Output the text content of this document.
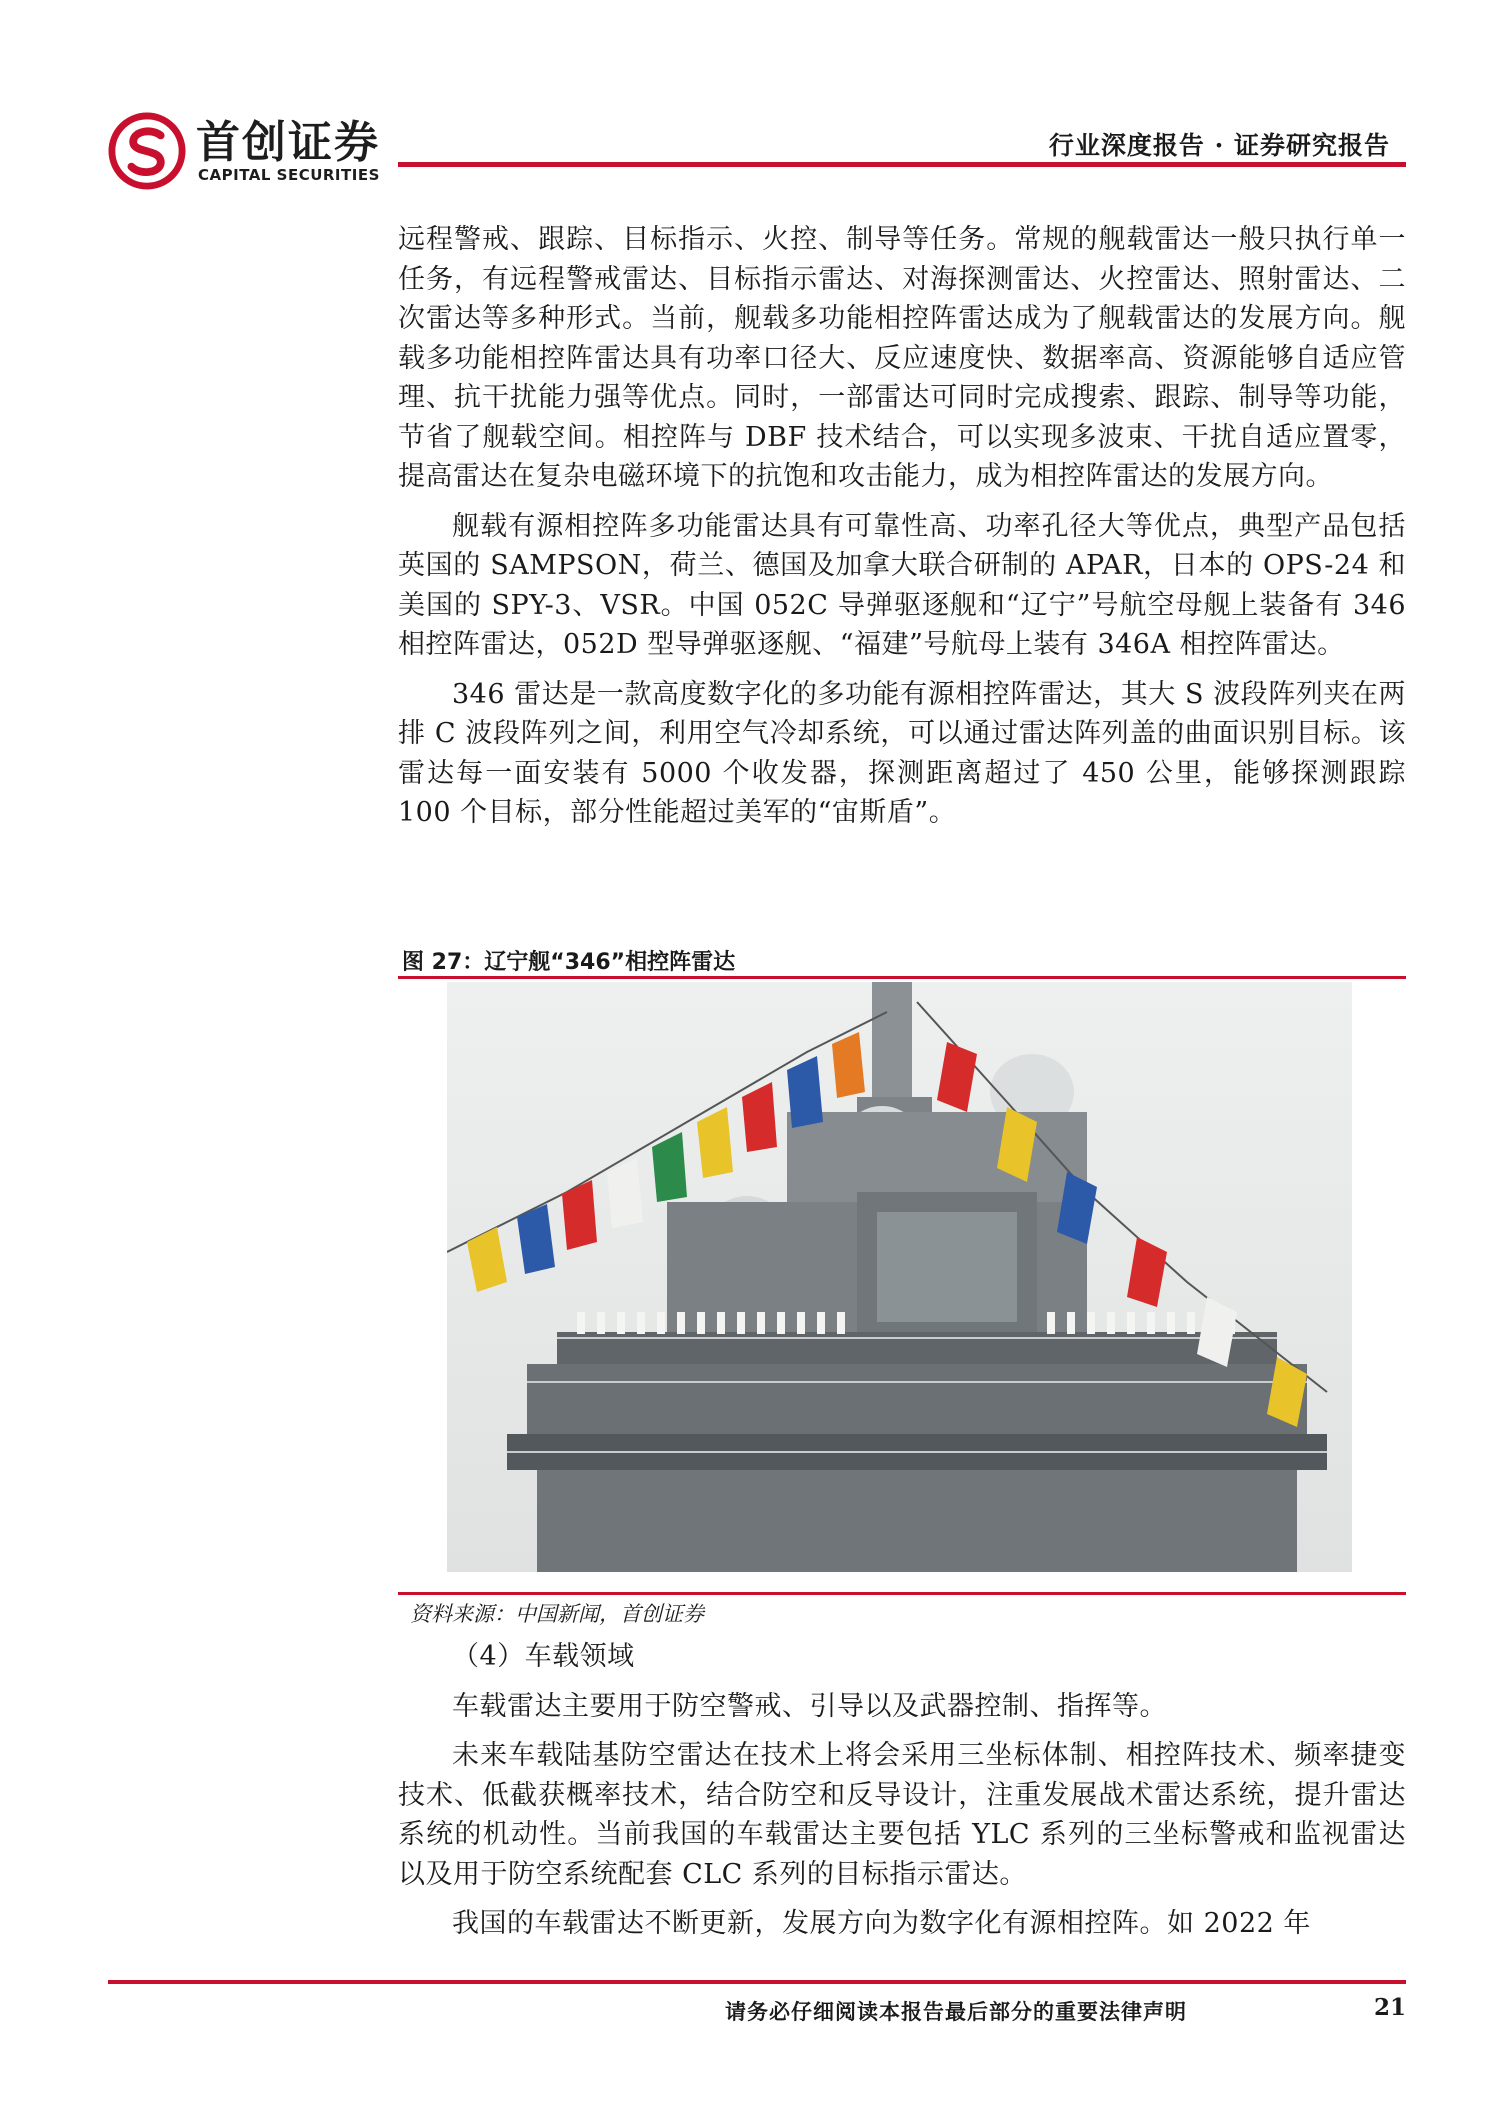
首创证券
CAPITAL SECURITIES
行业深度报告 · 证券研究报告

远程警戒、跟踪、目标指示、火控、制导等任务。常规的舰载雷达一般只执行单一任务，有远程警戒雷达、目标指示雷达、对海探测雷达、火控雷达、照射雷达、二次雷达等多种形式。当前，舰载多功能相控阵雷达成为了舰载雷达的发展方向。舰载多功能相控阵雷达具有功率口径大、反应速度快、数据率高、资源能够自适应管理、抗干扰能力强等优点。同时，一部雷达可同时完成搜索、跟踪、制导等功能，节省了舰载空间。相控阵与 DBF 技术结合，可以实现多波束、干扰自适应置零，提高雷达在复杂电磁环境下的抗饱和攻击能力，成为相控阵雷达的发展方向。

舰载有源相控阵多功能雷达具有可靠性高、功率孔径大等优点，典型产品包括英国的 SAMPSON，荷兰、德国及加拿大联合研制的 APAR，日本的 OPS-24 和美国的 SPY-3、VSR。中国 052C 导弹驱逐舰和“辽宁”号航空母舰上装备有 346 相控阵雷达，052D 型导弹驱逐舰、“福建”号航母上装有 346A 相控阵雷达。

346 雷达是一款高度数字化的多功能有源相控阵雷达，其大 S 波段阵列夹在两排 C 波段阵列之间，利用空气冷却系统，可以通过雷达阵列盖的曲面识别目标。该雷达每一面安装有 5000 个收发器，探测距离超过了 450 公里，能够探测跟踪 100 个目标，部分性能超过美军的“宙斯盾”。

图 27：辽宁舰“346”相控阵雷达
资料来源：中国新闻，首创证券

（4）车载领域

车载雷达主要用于防空警戒、引导以及武器控制、指挥等。

未来车载陆基防空雷达在技术上将会采用三坐标体制、相控阵技术、频率捷变技术、低截获概率技术，结合防空和反导设计，注重发展战术雷达系统，提升雷达系统的机动性。当前我国的车载雷达主要包括 YLC 系列的三坐标警戒和监视雷达以及用于防空系统配套 CLC 系列的目标指示雷达。

我国的车载雷达不断更新，发展方向为数字化有源相控阵。如 2022 年

请务必仔细阅读本报告最后部分的重要法律声明	21
